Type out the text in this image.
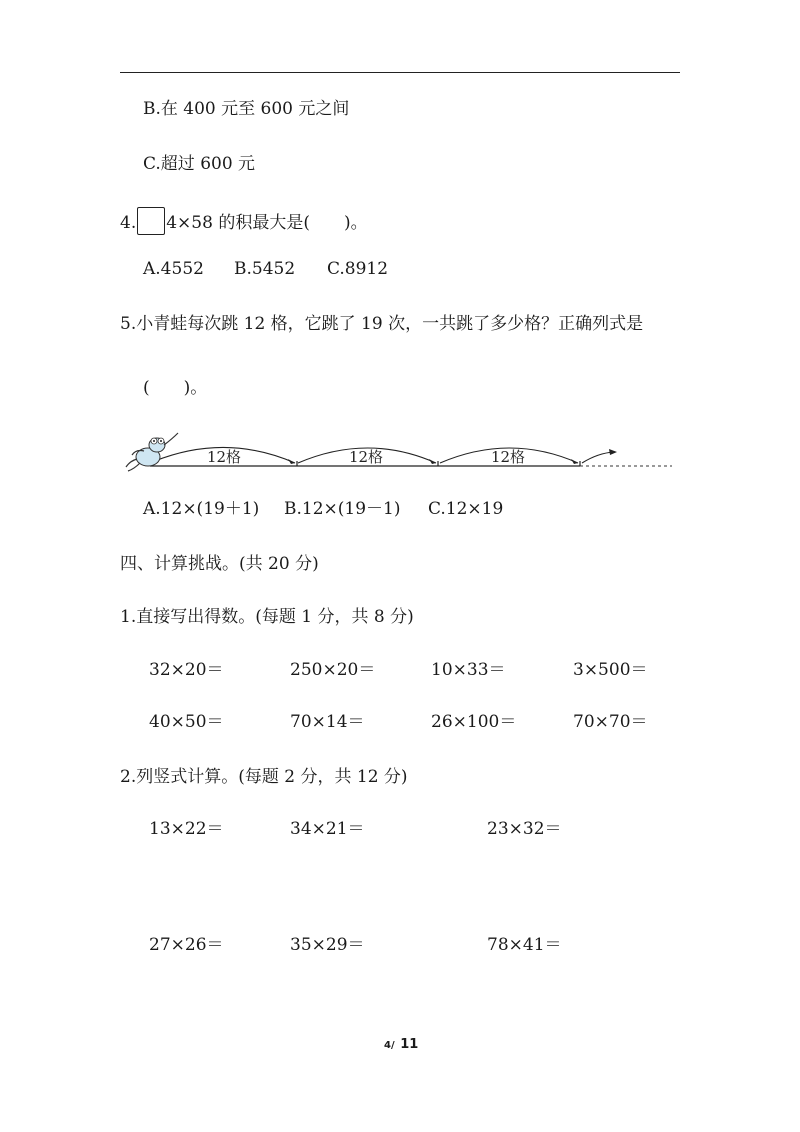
B.在 400 元至 600 元之间
C.超过 600 元
4. 4×58 的积最大是(　　)。
A.4552 B.5452 C.8912
5.小青蛙每次跳 12 格，它跳了 19 次，一共跳了多少格？正确列式是
(　　)。
12格	12格	12格
A.12×(19＋1) B.12×(19－1) C.12×19
四、计算挑战。(共 20 分)
1.直接写出得数。(每题 1 分，共 8 分)
32×20＝	250×20＝	10×33＝	3×500＝
40×50＝	70×14＝	26×100＝	70×70＝
2.列竖式计算。(每题 2 分，共 12 分)
13×22＝	34×21＝	23×32＝
27×26＝	35×29＝	78×41＝
4/ 11
